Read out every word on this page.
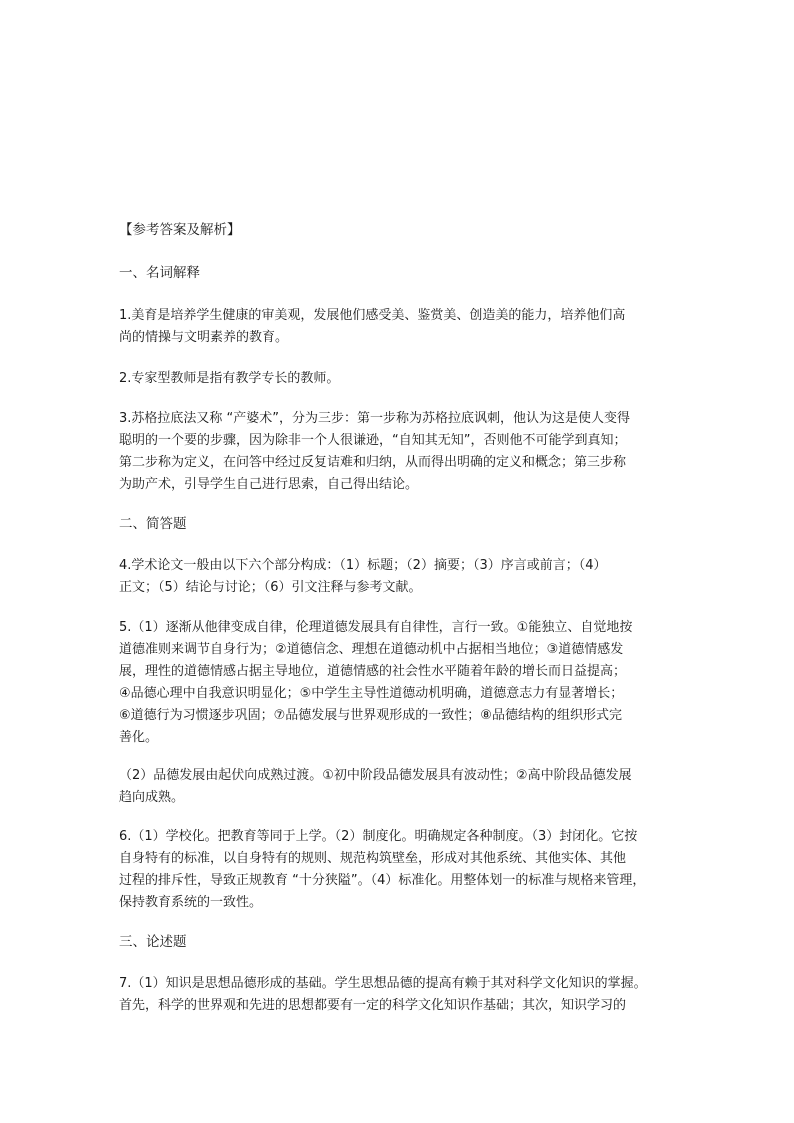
【参考答案及解析】

一、名词解释

1.美育是培养学生健康的审美观，发展他们感受美、鉴赏美、创造美的能力，培养他们高
尚的情操与文明素养的教育。

2.专家型教师是指有教学专长的教师。

3.苏格拉底法又称 “产婆术”，分为三步：第一步称为苏格拉底讽刺，他认为这是使人变得
聪明的一个要的步骤，因为除非一个人很谦逊，“自知其无知”，否则他不可能学到真知；
第二步称为定义，在问答中经过反复诘难和归纳，从而得出明确的定义和概念；第三步称
为助产术，引导学生自己进行思索，自己得出结论。

二、简答题

4.学术论文一般由以下六个部分构成：（1）标题；（2）摘要；（3）序言或前言；（4）
正文；（5）结论与讨论；（6）引文注释与参考文献。

5.（1）逐渐从他律变成自律，伦理道德发展具有自律性，言行一致。①能独立、自觉地按
道德准则来调节自身行为；②道德信念、理想在道德动机中占据相当地位；③道德情感发
展，理性的道德情感占据主导地位，道德情感的社会性水平随着年龄的增长而日益提高；
④品德心理中自我意识明显化；⑤中学生主导性道德动机明确，道德意志力有显著增长；
⑥道德行为习惯逐步巩固；⑦品德发展与世界观形成的一致性；⑧品德结构的组织形式完
善化。

（2）品德发展由起伏向成熟过渡。①初中阶段品德发展具有波动性；②高中阶段品德发展
趋向成熟。

6.（1）学校化。把教育等同于上学。（2）制度化。明确规定各种制度。（3）封闭化。它按
自身特有的标准，以自身特有的规则、规范构筑壁垒，形成对其他系统、其他实体、其他
过程的排斥性，导致正规教育 “十分狭隘”。（4）标准化。用整体划一的标准与规格来管理，
保持教育系统的一致性。

三、论述题

7.（1）知识是思想品德形成的基础。学生思想品德的提高有赖于其对科学文化知识的掌握。
首先，科学的世界观和先进的思想都要有一定的科学文化知识作基础；其次，知识学习的
